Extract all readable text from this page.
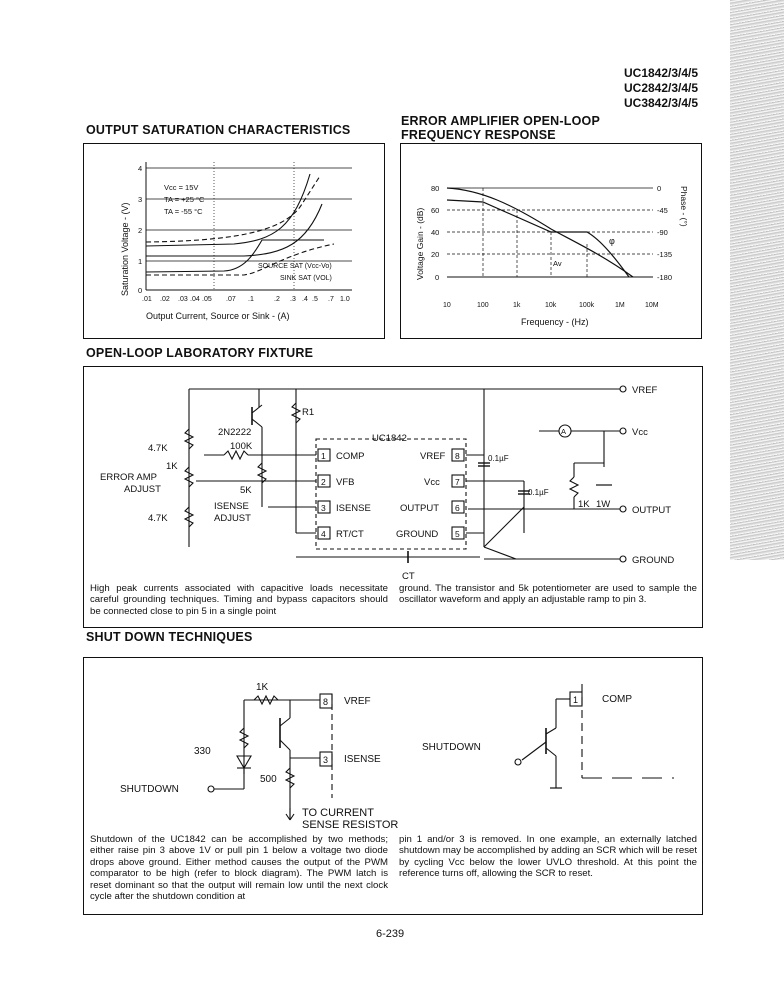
UC1842/3/4/5
UC2842/3/4/5
UC3842/3/4/5
OUTPUT SATURATION CHARACTERISTICS
ERROR AMPLIFIER OPEN-LOOP
FREQUENCY RESPONSE
4
3
2
1
0
.01 .02 .03 .04 .05 .07 .1	.2 .3 .4 .5 .7 1.0
Output Current, Source or Sink - (A)
Saturation Voltage - (V)
Vcc = 15V
TA = +25 °C
TA = -55 °C
SOURCE SAT (Vcc-Vo)
SINK SAT (VOL)
80
60
40
20
0
0
-45
-90
-135
-180
10	100	1k	10k	100k	1M	10M
Frequency - (Hz)
Voltage Gain - (dB)
Phase - (°)
Av
φ
OPEN-LOOP LABORATORY FIXTURE
VREF
Vcc
OUTPUT
GROUND
A
UC1842
2N2222
R1
4.7K
1K
ERROR AMP
ADJUST
4.7K
100K
5K
ISENSE
ADJUST
1
2
3
4
8
7
6
5
COMP
VFB
ISENSE
RT/CT
VREF
Vcc
OUTPUT
GROUND
0.1µF
0.1µF
CT
1K 1W
High peak currents associated with capacitive loads necessitate careful grounding techniques. Timing and bypass capacitors should be connected close to pin 5 in a single point
ground. The transistor and 5k potentiometer are used to sample the oscillator waveform and apply an adjustable ramp to pin 3.
SHUT DOWN TECHNIQUES
1K
8 VREF
330
3 ISENSE
500
SHUTDOWN
TO CURRENT
SENSE RESISTOR
SHUTDOWN
1 COMP
Shutdown of the UC1842 can be accomplished by two methods; either raise pin 3 above 1V or pull pin 1 below a voltage two diode drops above ground. Either method causes the output of the PWM comparator to be high (refer to block diagram). The PWM latch is reset dominant so that the output will remain low until the next clock cycle after the shutdown condition at
pin 1 and/or 3 is removed. In one example, an externally latched shutdown may be accomplished by adding an SCR which will be reset by cycling Vcc below the lower UVLO threshold. At this point the reference turns off, allowing the SCR to reset.
6-239
